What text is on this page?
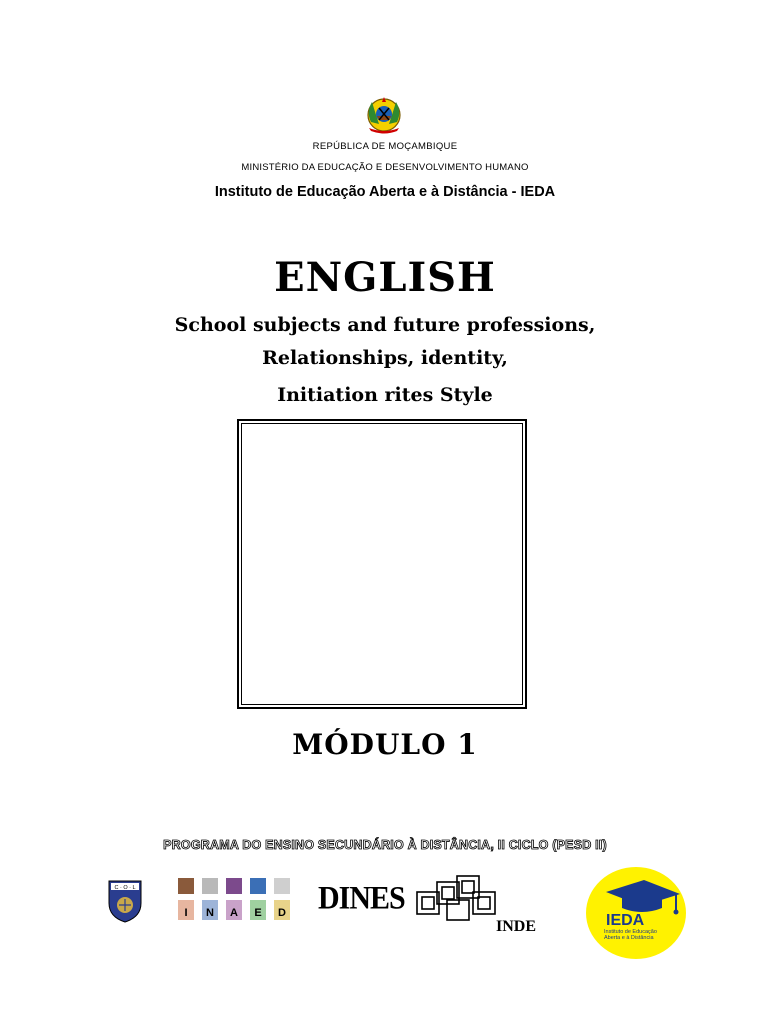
REPÚBLICA DE MOÇAMBIQUE
MINISTÉRIO DA EDUCAÇÃO E DESENVOLVIMENTO HUMANO
Instituto de Educação Aberta e à Distância - IEDA
ENGLISH
School subjects and future professions,
Relationships, identity,
Initiation rites Style
MÓDULO 1
PROGRAMA DO ENSINO SECUNDÁRIO À DISTÂNCIA, II CICLO (PESD II)
C · O · L
I N A E D DINES
INDE	IEDA
Instituto de Educação Aberta e à Distância
